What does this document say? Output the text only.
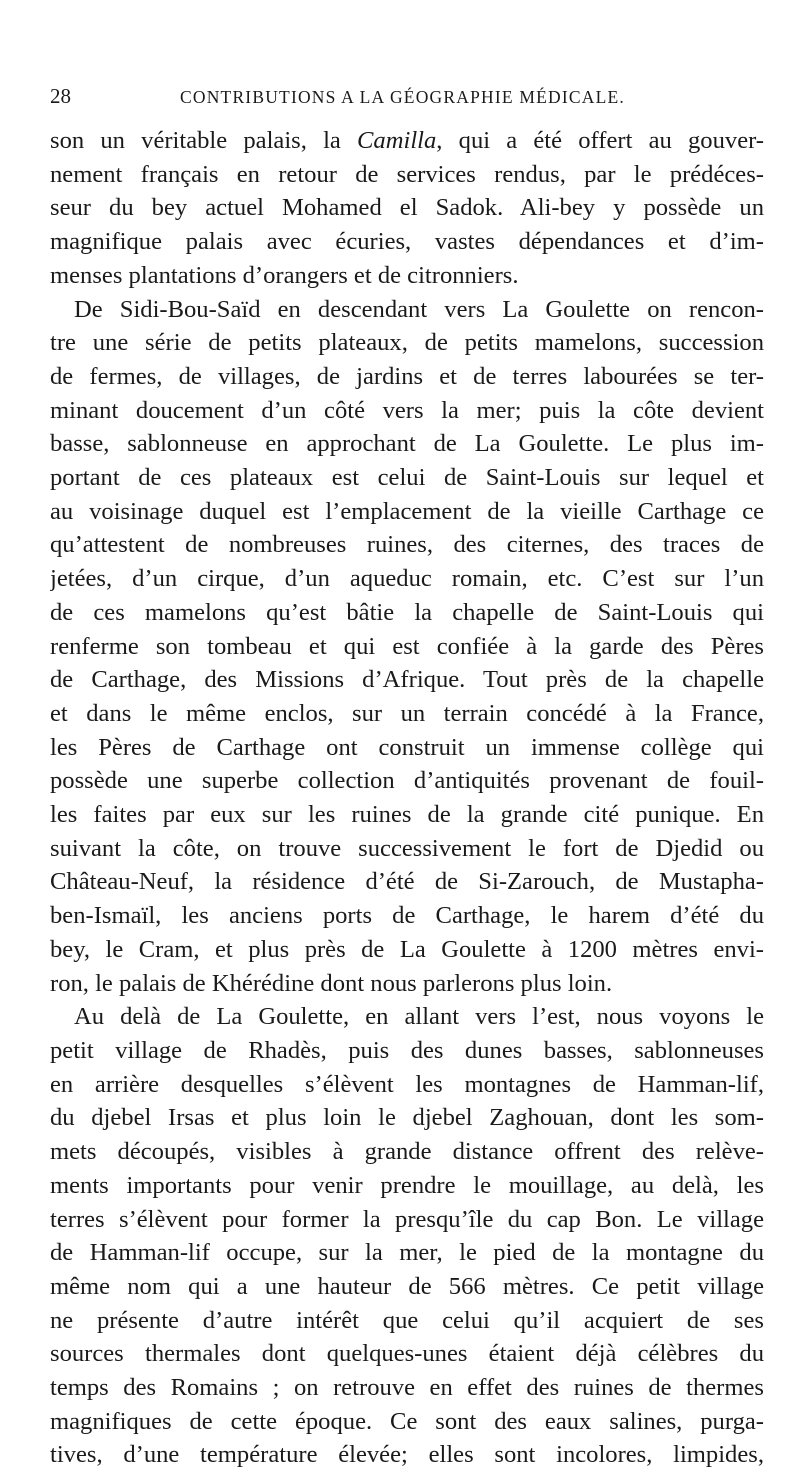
28	CONTRIBUTIONS A LA GÉOGRAPHIE MÉDICALE.
son un véritable palais, la Camilla, qui a été offert au gouver-
nement français en retour de services rendus, par le prédéces-
seur du bey actuel Mohamed el Sadok. Ali-bey y possède un
magnifique palais avec écuries, vastes dépendances et d’im-
menses plantations d’orangers et de citronniers.
De Sidi-Bou-Saïd en descendant vers La Goulette on rencon-
tre une série de petits plateaux, de petits mamelons, succession
de fermes, de villages, de jardins et de terres labourées se ter-
minant doucement d’un côté vers la mer; puis la côte devient
basse, sablonneuse en approchant de La Goulette. Le plus im-
portant de ces plateaux est celui de Saint-Louis sur lequel et
au voisinage duquel est l’emplacement de la vieille Carthage ce
qu’attestent de nombreuses ruines, des citernes, des traces de
jetées, d’un cirque, d’un aqueduc romain, etc. C’est sur l’un
de ces mamelons qu’est bâtie la chapelle de Saint-Louis qui
renferme son tombeau et qui est confiée à la garde des Pères
de Carthage, des Missions d’Afrique. Tout près de la chapelle
et dans le même enclos, sur un terrain concédé à la France,
les Pères de Carthage ont construit un immense collège qui
possède une superbe collection d’antiquités provenant de fouil-
les faites par eux sur les ruines de la grande cité punique. En
suivant la côte, on trouve successivement le fort de Djedid ou
Château-Neuf, la résidence d’été de Si-Zarouch, de Mustapha-
ben-Ismaïl, les anciens ports de Carthage, le harem d’été du
bey, le Cram, et plus près de La Goulette à 1200 mètres envi-
ron, le palais de Khérédine dont nous parlerons plus loin.
Au delà de La Goulette, en allant vers l’est, nous voyons le
petit village de Rhadès, puis des dunes basses, sablonneuses
en arrière desquelles s’élèvent les montagnes de Hamman-lif,
du djebel Irsas et plus loin le djebel Zaghouan, dont les som-
mets découpés, visibles à grande distance offrent des relève-
ments importants pour venir prendre le mouillage, au delà, les
terres s’élèvent pour former la presqu’île du cap Bon. Le village
de Hamman-lif occupe, sur la mer, le pied de la montagne du
même nom qui a une hauteur de 566 mètres. Ce petit village
ne présente d’autre intérêt que celui qu’il acquiert de ses
sources thermales dont quelques-unes étaient déjà célèbres du
temps des Romains ; on retrouve en effet des ruines de thermes
magnifiques de cette époque. Ce sont des eaux salines, purga-
tives, d’une température élevée; elles sont incolores, limpides,
